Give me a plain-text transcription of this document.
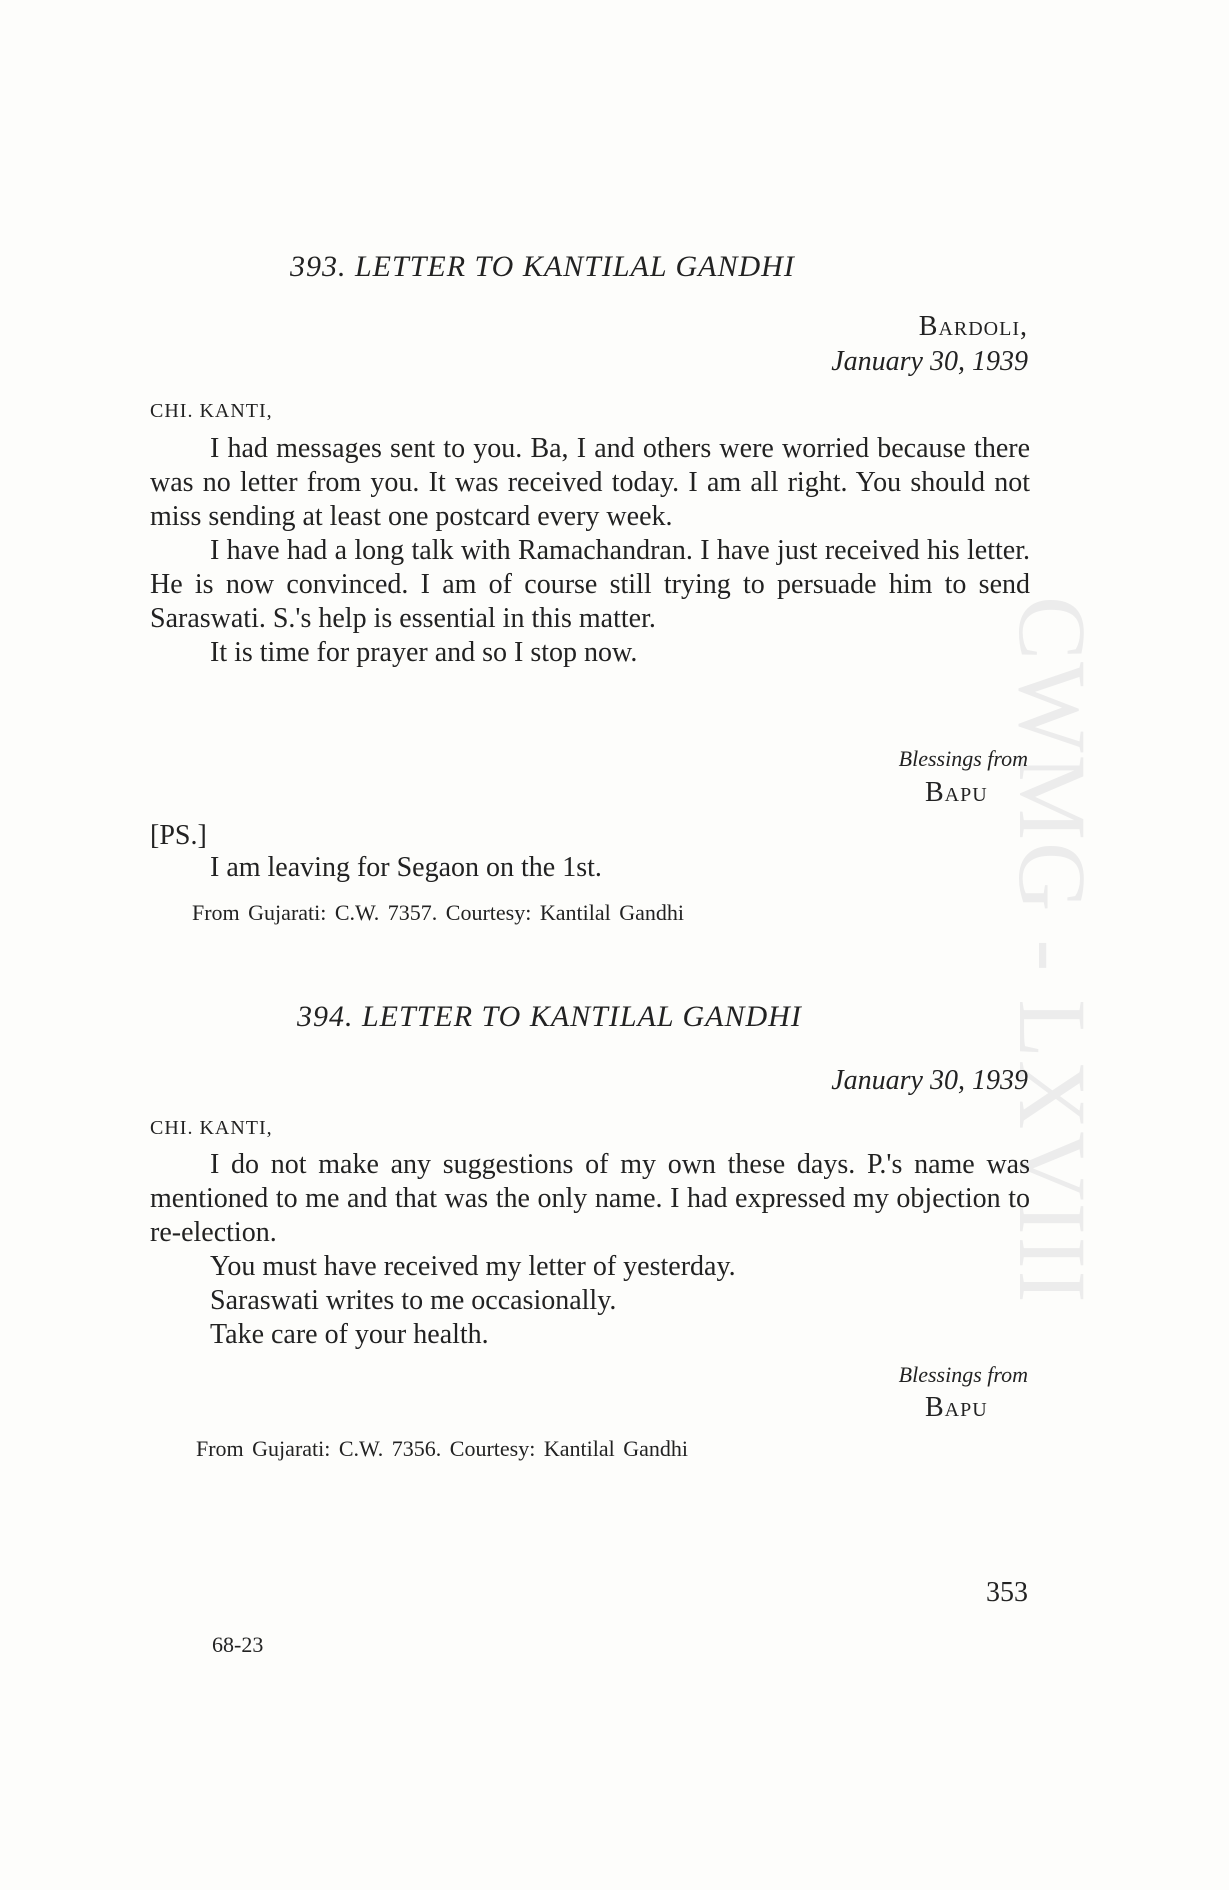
CWMG - LXVIII
393. LETTER TO KANTILAL GANDHI
Bardoli,
January 30, 1939
CHI. KANTI,

I had messages sent to you. Ba, I and others were worried because there was no letter from you. It was received today. I am all right. You should not miss sending at least one postcard every week.

I have had a long talk with Ramachandran. I have just received his letter. He is now convinced. I am of course still trying to persuade him to send Saraswati. S.'s help is essential in this matter.

It is time for prayer and so I stop now.

Blessings from
Bapu
[PS.]
I am leaving for Segaon on the 1st.
From Gujarati: C.W. 7357. Courtesy: Kantilal Gandhi
394. LETTER TO KANTILAL GANDHI
January 30, 1939
CHI. KANTI,

I do not make any suggestions of my own these days. P.'s name was mentioned to me and that was the only name. I had expressed my objection to re-election.

You must have received my letter of yesterday.

Saraswati writes to me occasionally.

Take care of your health.

Blessings from
Bapu
From Gujarati: C.W. 7356. Courtesy: Kantilal Gandhi
353
68-23
